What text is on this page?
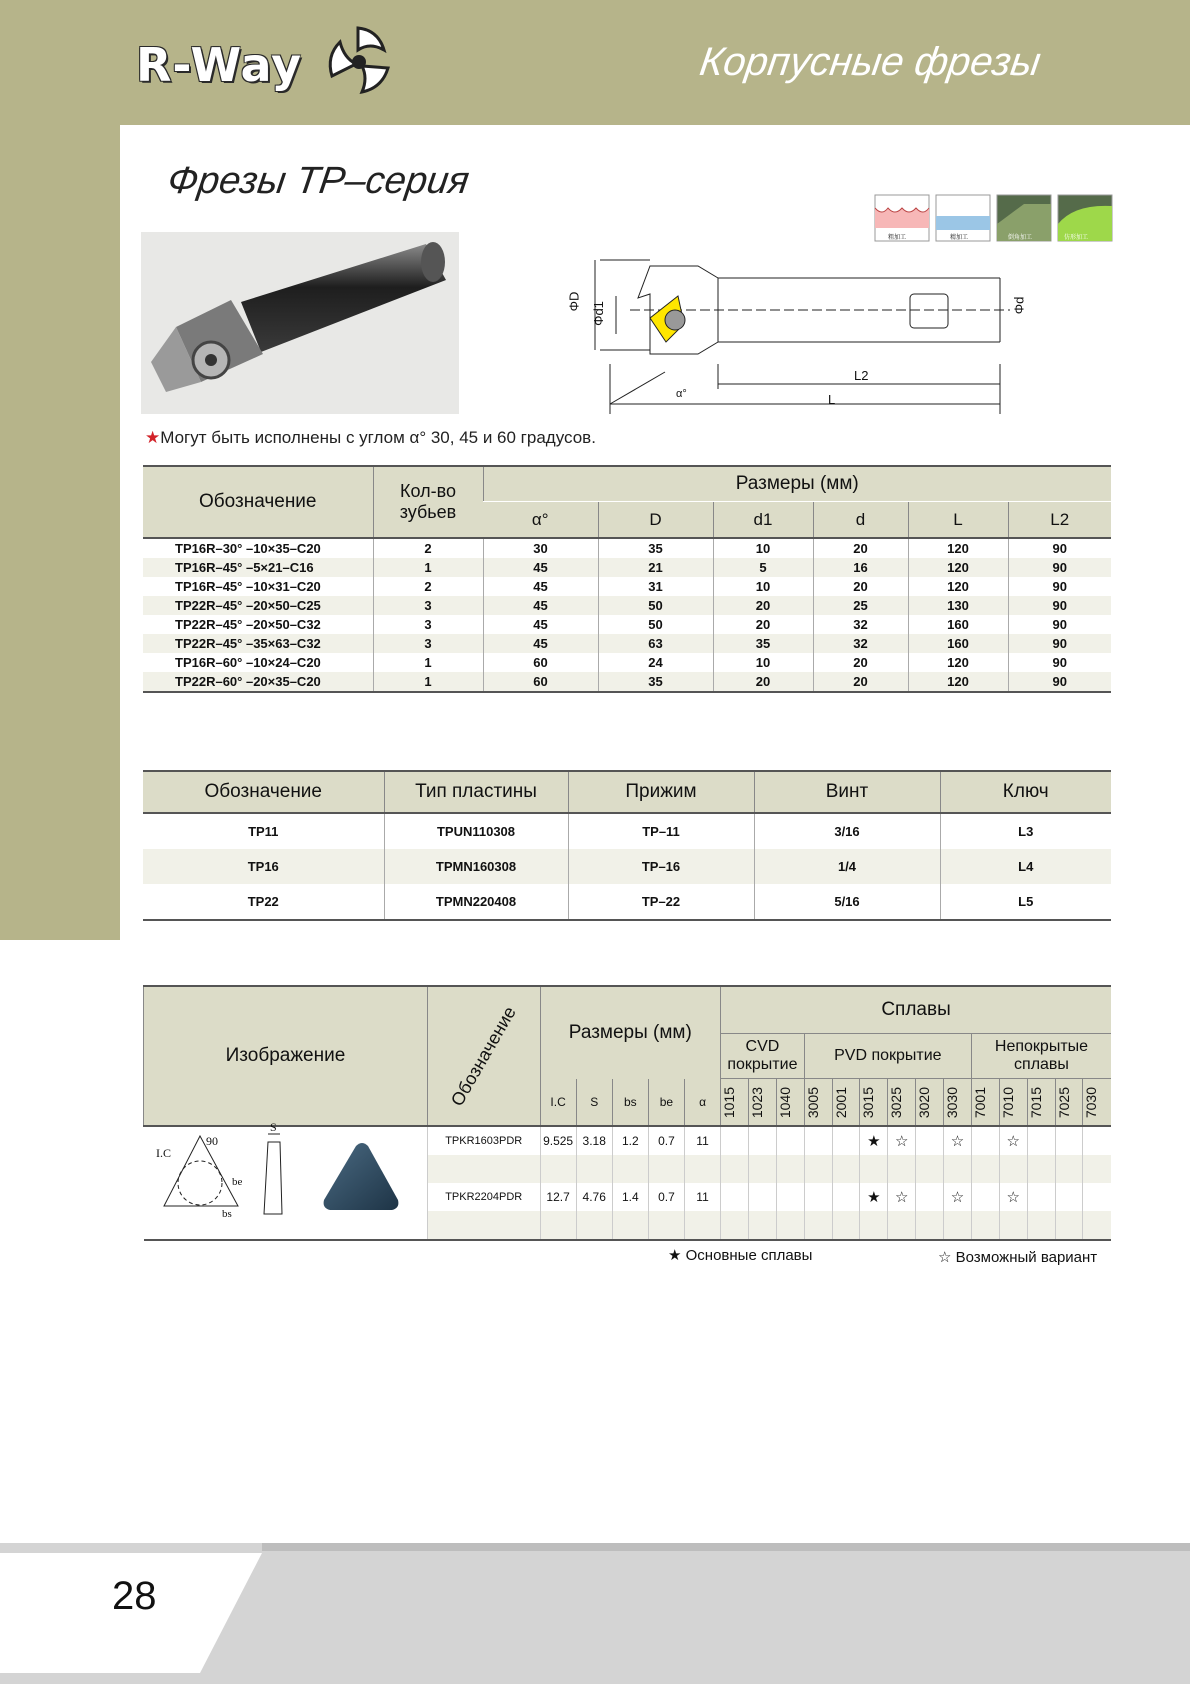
R-Way	Корпусные фрезы
Фрезы ТР–серия
粗加工	精加工	倒角加工	仿形加工
ΦD Φd1	Φd
L2
L
α°
★Могут быть исполнены с углом α° 30, 45 и 60 градусов.
Обозначение	Кол-во зубьев	Размеры (мм)					
		α°	D	d1	d	L	L2
TP16R–30° –10×35–C20	2	30	35	10	20	120	90
TP16R–45° –5×21–C16	1	45	21	5	16	120	90
TP16R–45° –10×31–C20	2	45	31	10	20	120	90
TP22R–45° –20×50–C25	3	45	50	20	25	130	90
TP22R–45° –20×50–C32	3	45	50	20	32	160	90
TP22R–45° –35×63–C32	3	45	63	35	32	160	90
TP16R–60° –10×24–C20	1	60	24	10	20	120	90
TP22R–60° –20×35–C20	1	60	35	20	20	120	90
Обозначение	Тип пластины	Прижим	Винт	Ключ
TP11	TPUN110308	TP–11	3/16	L3
TP16	TPMN160308	TP–16	1/4	L4
TP22	TPMN220408	TP–22	5/16	L5
Изображение	Обозначение	Размеры (мм)					Сплавы													
							CVD покрытие			PVD покрытие						Непокрытые сплавы				
		I.C	S	bs	be	α	1015	1023	1040	3005	2001	3015	3025	3020	3030	7001	7010	7015	7025	7030

	TPKR1603PDR	9.525	3.18	1.2	0.7	11						★	☆		☆		☆			

	TPKR2204PDR	12.7	4.76	1.4	0.7	11						★	☆		☆		☆			

90
S
I.C
be
bs
★ Основные сплавы	☆ Возможный вариант
28
